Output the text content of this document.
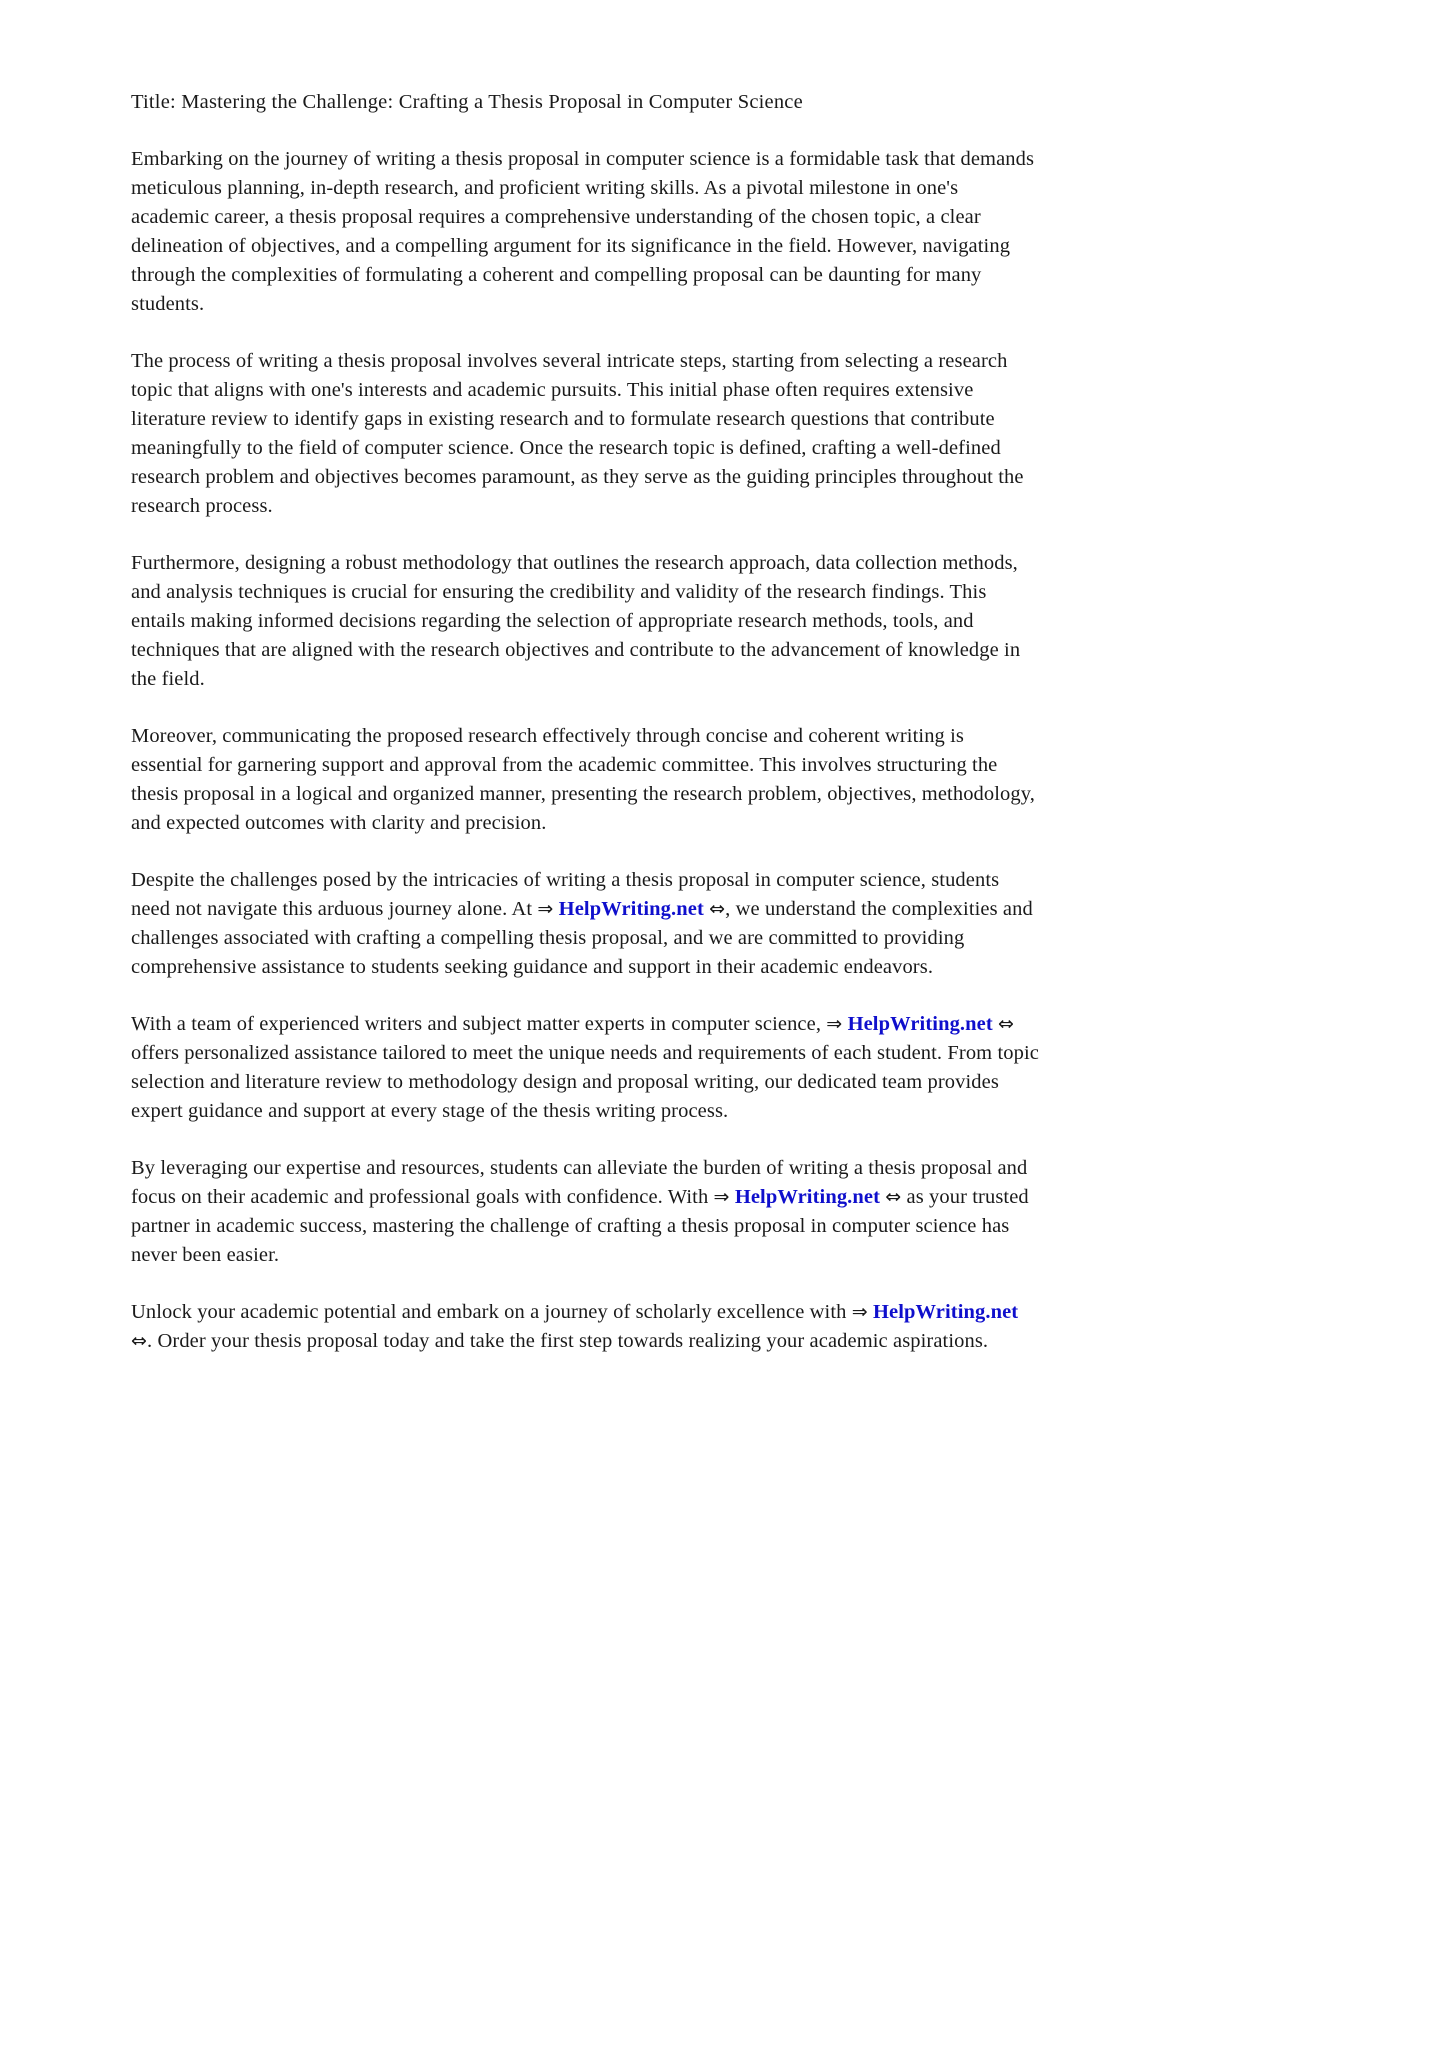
Title: Mastering the Challenge: Crafting a Thesis Proposal in Computer Science

Embarking on the journey of writing a thesis proposal in computer science is a formidable task that demands meticulous planning, in-depth research, and proficient writing skills. As a pivotal milestone in one's academic career, a thesis proposal requires a comprehensive understanding of the chosen topic, a clear delineation of objectives, and a compelling argument for its significance in the field. However, navigating through the complexities of formulating a coherent and compelling proposal can be daunting for many students.

The process of writing a thesis proposal involves several intricate steps, starting from selecting a research topic that aligns with one's interests and academic pursuits. This initial phase often requires extensive literature review to identify gaps in existing research and to formulate research questions that contribute meaningfully to the field of computer science. Once the research topic is defined, crafting a well-defined research problem and objectives becomes paramount, as they serve as the guiding principles throughout the research process.

Furthermore, designing a robust methodology that outlines the research approach, data collection methods, and analysis techniques is crucial for ensuring the credibility and validity of the research findings. This entails making informed decisions regarding the selection of appropriate research methods, tools, and techniques that are aligned with the research objectives and contribute to the advancement of knowledge in the field.

Moreover, communicating the proposed research effectively through concise and coherent writing is essential for garnering support and approval from the academic committee. This involves structuring the thesis proposal in a logical and organized manner, presenting the research problem, objectives, methodology, and expected outcomes with clarity and precision.

Despite the challenges posed by the intricacies of writing a thesis proposal in computer science, students need not navigate this arduous journey alone. At ⇒ HelpWriting.net ⇔, we understand the complexities and challenges associated with crafting a compelling thesis proposal, and we are committed to providing comprehensive assistance to students seeking guidance and support in their academic endeavors.

With a team of experienced writers and subject matter experts in computer science, ⇒ HelpWriting.net ⇔ offers personalized assistance tailored to meet the unique needs and requirements of each student. From topic selection and literature review to methodology design and proposal writing, our dedicated team provides expert guidance and support at every stage of the thesis writing process.

By leveraging our expertise and resources, students can alleviate the burden of writing a thesis proposal and focus on their academic and professional goals with confidence. With ⇒ HelpWriting.net ⇔ as your trusted partner in academic success, mastering the challenge of crafting a thesis proposal in computer science has never been easier.

Unlock your academic potential and embark on a journey of scholarly excellence with ⇒ HelpWriting.net ⇔. Order your thesis proposal today and take the first step towards realizing your academic aspirations.
